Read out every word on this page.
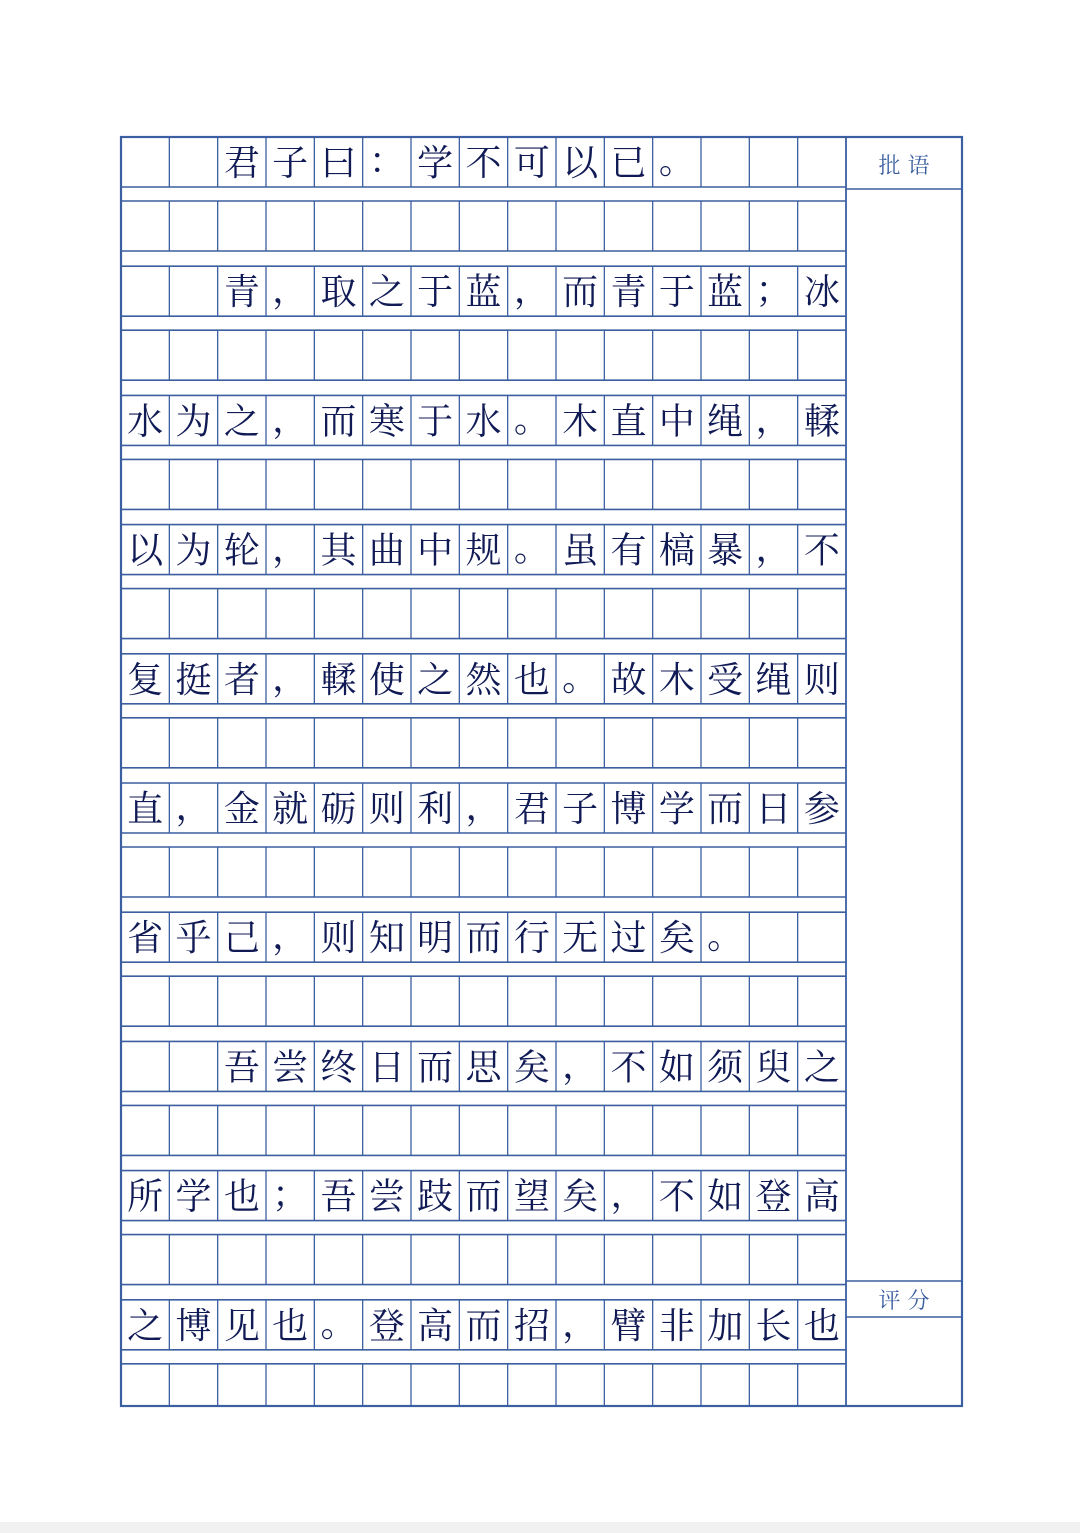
批 语
评 分
君 子 曰 ： 学 不 可 以 已 。
青 ， 取 之 于 蓝 ， 而 青 于 蓝 ； 冰
水 为 之 ， 而 寒 于 水 。 木 直 中 绳 ， 輮
以 为 轮 ， 其 曲 中 规 。 虽 有 槁 暴 ， 不
复 挺 者 ， 輮 使 之 然 也 。 故 木 受 绳 则
直 ， 金 就 砺 则 利 ， 君 子 博 学 而 日 参
省 乎 己 ， 则 知 明 而 行 无 过 矣 。
吾 尝 终 日 而 思 矣 ， 不 如 须 臾 之
所 学 也 ； 吾 尝 跂 而 望 矣 ， 不 如 登 高
之 博 见 也 。 登 高 而 招 ， 臂 非 加 长 也
